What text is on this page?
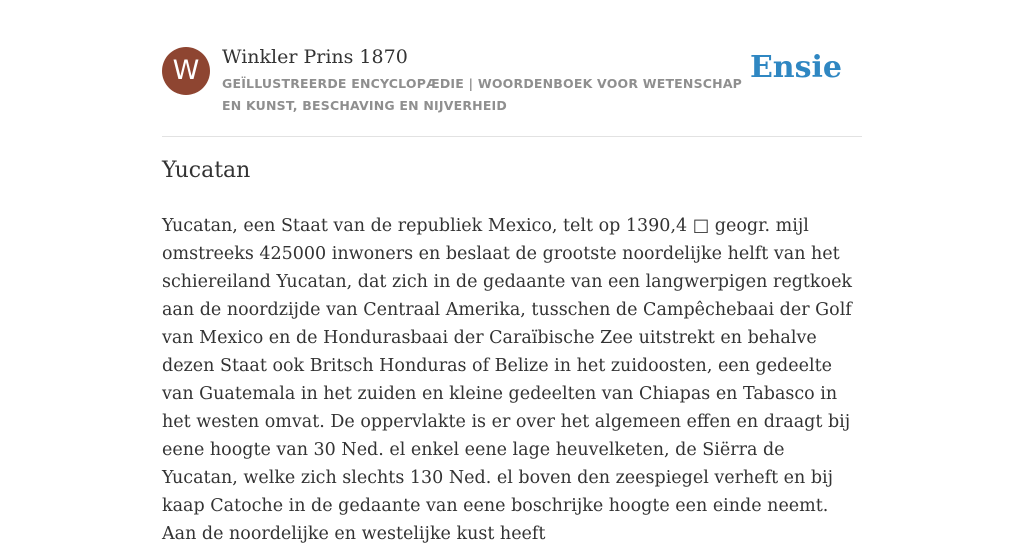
W	Winkler Prins 1870
GEÏLLUSTREERDE ENCYCLOPÆDIE | WOORDENBOEK VOOR WETENSCHAP EN KUNST, BESCHAVING EN NIJVERHEID
Ensie
Yucatan

Yucatan, een Staat van de republiek Mexico, telt op 1390,4 □ geogr. mijl omstreeks 425000 inwoners en beslaat de grootste noordelijke helft van het schiereiland Yucatan, dat zich in de gedaante van een langwerpigen regtkoek aan de noordzijde van Centraal Amerika, tusschen de Campêchebaai der Golf van Mexico en de Hondurasbaai der Caraïbische Zee uitstrekt en behalve dezen Staat ook Britsch Honduras of Belize in het zuidoosten, een gedeelte van Guatemala in het zuiden en kleine gedeelten van Chiapas en Tabasco in het westen omvat. De oppervlakte is er over het algemeen effen en draagt bij eene hoogte van 30 Ned. el enkel eene lage heuvelketen, de Siërra de Yucatan, welke zich slechts 130 Ned. el boven den zeespiegel verheft en bij kaap Catoche in de gedaante van eene boschrijke hoogte een einde neemt. Aan de noordelijke en westelijke kust heeft
